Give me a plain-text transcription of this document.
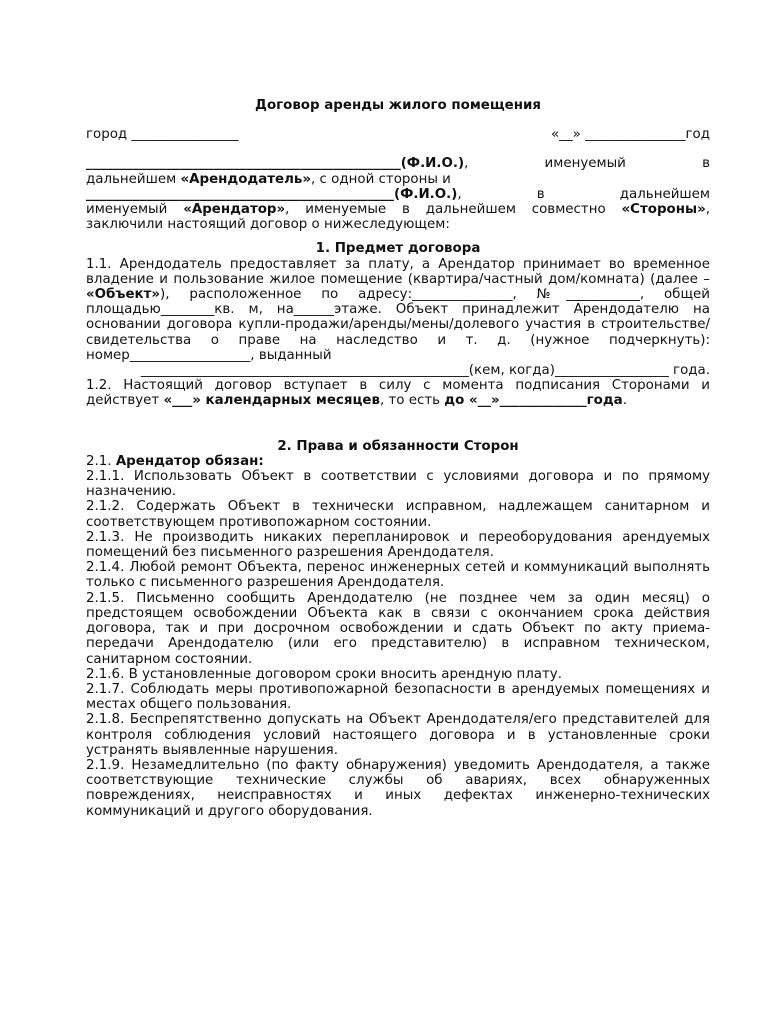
Договор аренды жилого помещения
город ________________	«__» _______________год

_______________________________________________(Ф.И.О.), именуемый в

дальнейшем «Арендодатель», с одной стороны и

______________________________________________(Ф.И.О.), в дальнейшем

именуемый «Арендатор», именуемые в дальнейшем совместно «Стороны»,

заключили настоящий договор о нижеследующем:

1. Предмет договора

1.1. Арендодатель предоставляет за плату, а Арендатор принимает во временное владение и пользование жилое помещение (квартира/частный дом/комната) (далее – «Объект»), расположенное по адресу:_______________, №___________, общей площадью________кв. м, на______этаже. Объект принадлежит Арендодателю на основании договора купли-продажи/аренды/мены/долевого участия в строительстве/свидетельства о праве на наследство и т. д. (нужное подчеркнуть): номер__________________, выданный

_________________________________________________(кем, когда)_________________ года.

1.2. Настоящий договор вступает в силу с момента подписания Сторонами и действует «___» календарных месяцев, то есть до «__»_____________года.

2. Права и обязанности Сторон

2.1. Арендатор обязан:

2.1.1. Использовать Объект в соответствии с условиями договора и по прямому назначению.

2.1.2. Содержать Объект в технически исправном, надлежащем санитарном и соответствующем противопожарном состоянии.

2.1.3. Не производить никаких перепланировок и переоборудования арендуемых помещений без письменного разрешения Арендодателя.

2.1.4. Любой ремонт Объекта, перенос инженерных сетей и коммуникаций выполнять только с письменного разрешения Арендодателя.

2.1.5. Письменно сообщить Арендодателю (не позднее чем за один месяц) о предстоящем освобождении Объекта как в связи с окончанием срока действия договора, так и при досрочном освобождении и сдать Объект по акту приема-передачи Арендодателю (или его представителю) в исправном техническом, санитарном состоянии.

2.1.6. В установленные договором сроки вносить арендную плату.

2.1.7. Соблюдать меры противопожарной безопасности в арендуемых помещениях и местах общего пользования.

2.1.8. Беспрепятственно допускать на Объект Арендодателя/его представителей для контроля соблюдения условий настоящего договора и в установленные сроки устранять выявленные нарушения.

2.1.9. Незамедлительно (по факту обнаружения) уведомить Арендодателя, а также соответствующие технические службы об авариях, всех обнаруженных повреждениях, неисправностях и иных дефектах инженерно-технических коммуникаций и другого оборудования.
